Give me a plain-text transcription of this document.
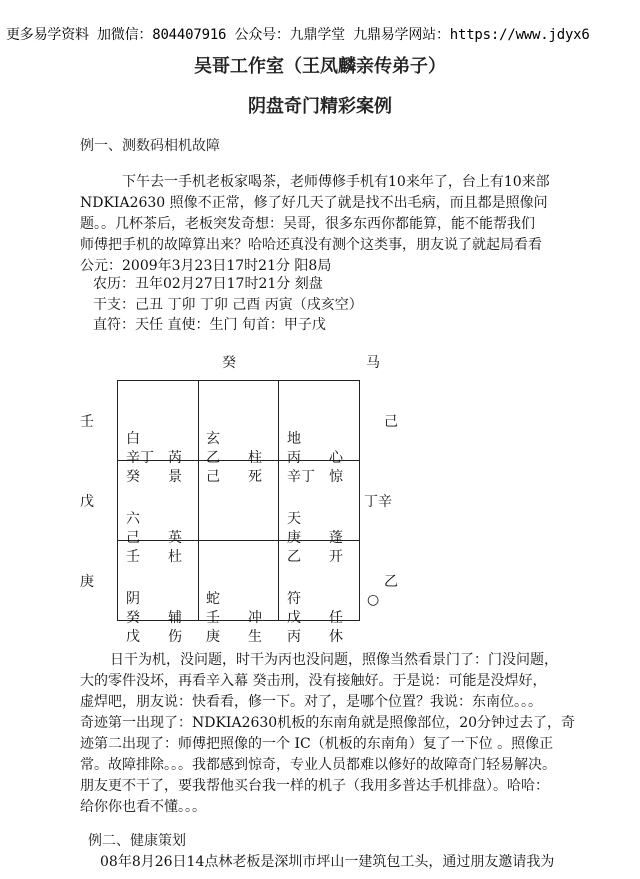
更多易学资料 加微信：804407916 公众号：九鼎学堂 九鼎易学网站：https://www.jdyx6
吴哥工作室（王凤麟亲传弟子）
阴盘奇门精彩案例
例一、测数码相机故障
下午去一手机老板家喝茶，老师傅修手机有10来年了，台上有10来部
NDKIA2630 照像不正常，修了好几天了就是找不出毛病，而且都是照像问
题。。几杯茶后，老板突发奇想：吴哥，很多东西你都能算，能不能帮我们
师傅把手机的故障算出来？哈哈还真没有测个这类事，朋友说了就起局看看
公元：2009年3月23日17时21分 阳8局
农历：丑年02月27日17时21分 刻盘
干支：己丑 丁卯 丁卯 己酉 丙寅（戌亥空）
直符：天任 直使：生门 旬首：甲子戊
癸	马
壬
戊
庚
己
丁辛
乙
○

白
辛丁　芮
癸　　景

玄
乙　　柱
己　　死

地
丙　　心
辛丁　惊

六
己　　英
壬　　杜

天
庚　　蓬
乙　　开

阴
癸　　辅
戊　　伤

蛇
壬　　冲
庚　　生

符
戊　　任
丙　　休

日干为机，没问题，时干为丙也没问题，照像当然看景门了：门没问题，
大的零件没坏，再看辛入幕 癸击刑，没有接触好。于是说：可能是没焊好，
虚焊吧，朋友说：快看看，修一下。对了，是哪个位置？我说：东南位。。。
奇迹第一出现了：NDKIA2630机板的东南角就是照像部位，20分钟过去了，奇
迹第二出现了：师傅把照像的一个 IC（机板的东南角）复了一下位 。照像正
常。故障排除。。。我都感到惊奇，专业人员都难以修好的故障奇门轻易解决。
朋友更不干了，要我帮他买台我一样的机子（我用多普达手机排盘）。哈哈：
给你你也看不懂。。。
例二、健康策划
08年8月26日14点林老板是深圳市坪山一建筑包工头，通过朋友邀请我为
